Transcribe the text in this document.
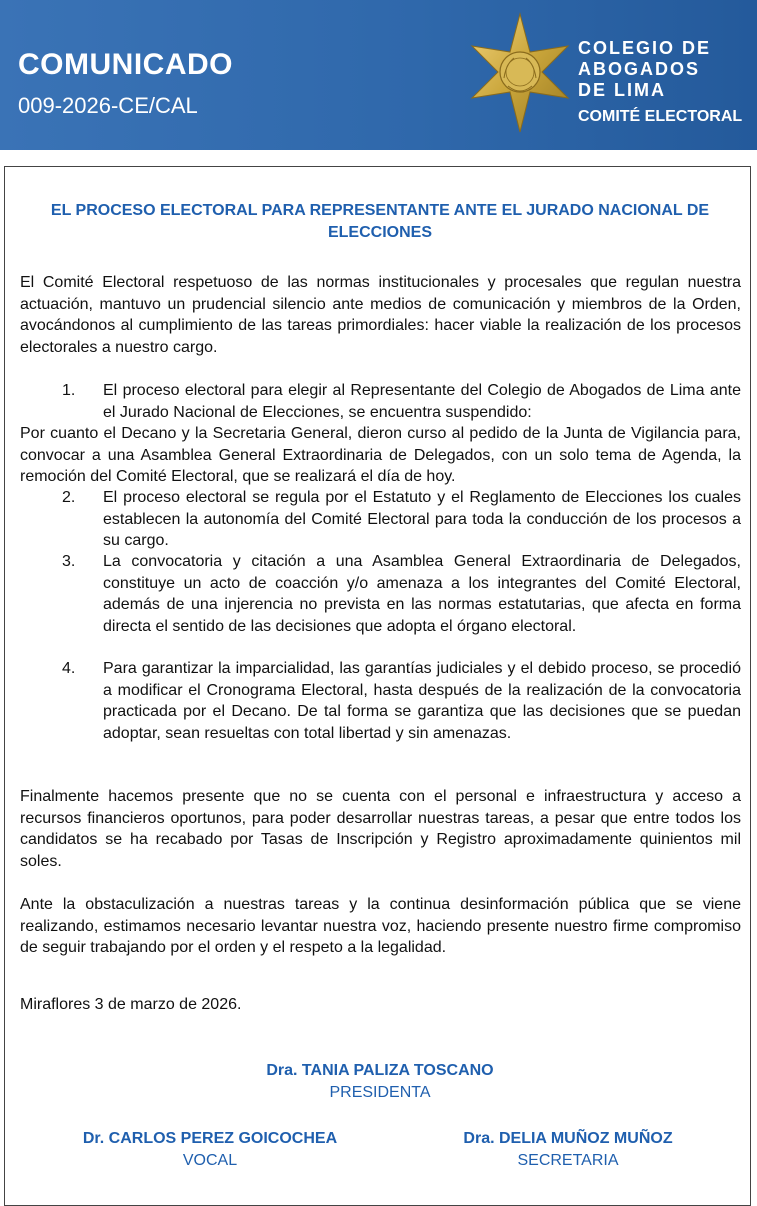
COMUNICADO
009-2026-CE/CAL
COLEGIO DE
ABOGADOS
DE LIMA
COMITÉ ELECTORAL
EL PROCESO ELECTORAL PARA REPRESENTANTE ANTE EL JURADO NACIONAL DE ELECCIONES

El Comité Electoral respetuoso de las normas institucionales y procesales que regulan nuestra actuación, mantuvo un prudencial silencio ante medios de comunicación y miembros de la Orden, avocándonos al cumplimiento de las tareas primordiales: hacer viable la realización de los procesos electorales a nuestro cargo.

1. El proceso electoral para elegir al Representante del Colegio de Abogados de Lima ante el Jurado Nacional de Elecciones, se encuentra suspendido:
Por cuanto el Decano y la Secretaria General, dieron curso al pedido de la Junta de Vigilancia para, convocar a una Asamblea General Extraordinaria de Delegados, con un solo tema de Agenda, la remoción del Comité Electoral, que se realizará el día de hoy.
2. El proceso electoral se regula por el Estatuto y el Reglamento de Elecciones los cuales establecen la autonomía del Comité Electoral para toda la conducción de los procesos a su cargo.
3. La convocatoria y citación a una Asamblea General Extraordinaria de Delegados, constituye un acto de coacción y/o amenaza a los integrantes del Comité Electoral, además de una injerencia no prevista en las normas estatutarias, que afecta en forma directa el sentido de las decisiones que adopta el órgano electoral.
4. Para garantizar la imparcialidad, las garantías judiciales y el debido proceso, se procedió a modificar el Cronograma Electoral, hasta después de la realización de la convocatoria practicada por el Decano. De tal forma se garantiza que las decisiones que se puedan adoptar, sean resueltas con total libertad y sin amenazas.

Finalmente hacemos presente que no se cuenta con el personal e infraestructura y acceso a recursos financieros oportunos, para poder desarrollar nuestras tareas, a pesar que entre todos los candidatos se ha recabado por Tasas de Inscripción y Registro aproximadamente quinientos mil soles.

Ante la obstaculización a nuestras tareas y la continua desinformación pública que se viene realizando, estimamos necesario levantar nuestra voz, haciendo presente nuestro firme compromiso de seguir trabajando por el orden y el respeto a la legalidad.

Miraflores 3 de marzo de 2026.

Dra. TANIA PALIZA TOSCANO
PRESIDENTA
Dr. CARLOS PEREZ GOICOCHEA
VOCAL
Dra. DELIA MUÑOZ MUÑOZ
SECRETARIA
